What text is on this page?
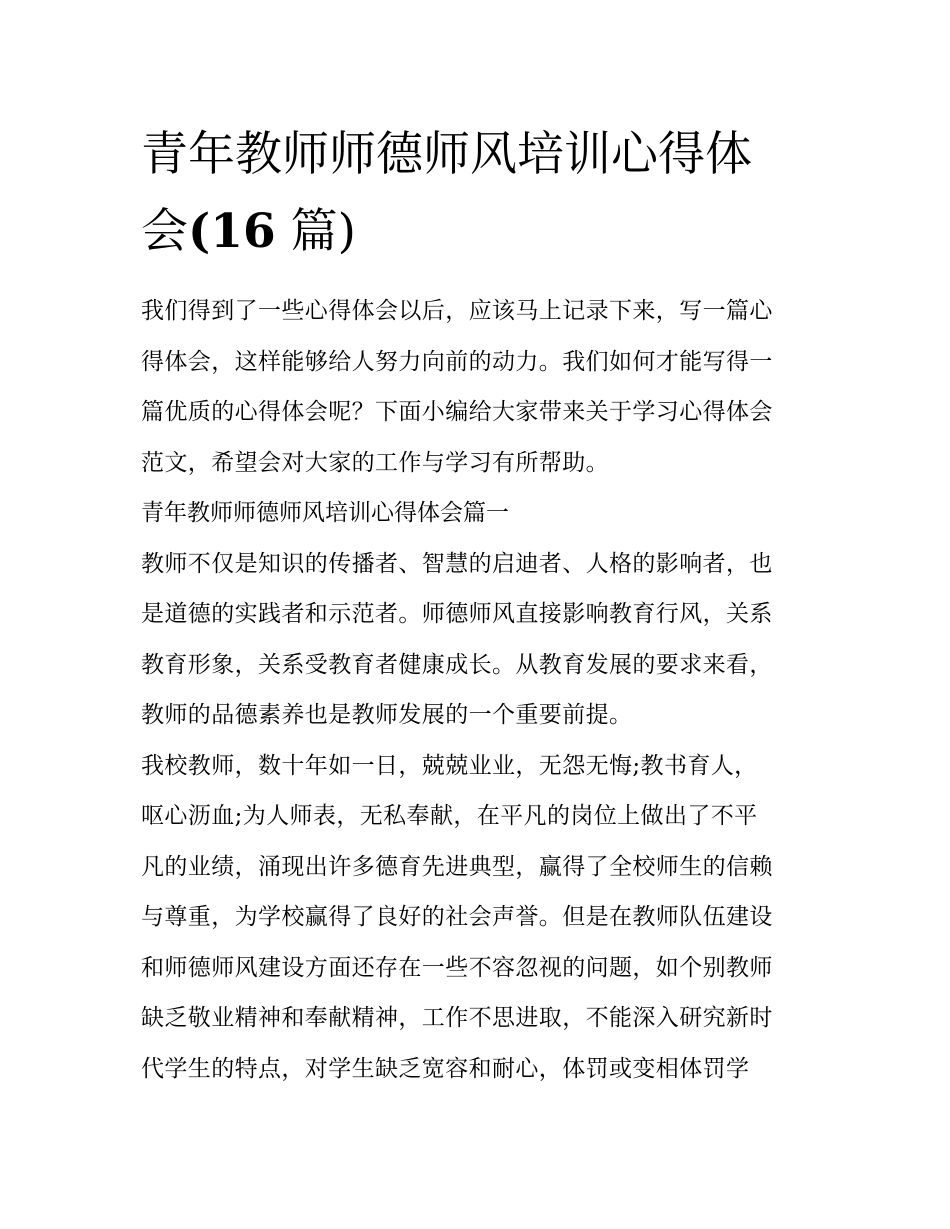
青年教师师德师风培训心得体
会(16 篇)

我们得到了一些心得体会以后，应该马上记录下来，写一篇心
得体会，这样能够给人努力向前的动力。我们如何才能写得一
篇优质的心得体会呢？下面小编给大家带来关于学习心得体会
范文，希望会对大家的工作与学习有所帮助。

青年教师师德师风培训心得体会篇一

教师不仅是知识的传播者、智慧的启迪者、人格的影响者，也
是道德的实践者和示范者。师德师风直接影响教育行风，关系
教育形象，关系受教育者健康成长。从教育发展的要求来看，
教师的品德素养也是教师发展的一个重要前提。

我校教师，数十年如一日，兢兢业业，无怨无悔;教书育人，
呕心沥血;为人师表，无私奉献，在平凡的岗位上做出了不平
凡的业绩，涌现出许多德育先进典型，赢得了全校师生的信赖
与尊重，为学校赢得了良好的社会声誉。但是在教师队伍建设
和师德师风建设方面还存在一些不容忽视的问题，如个别教师
缺乏敬业精神和奉献精神，工作不思进取，不能深入研究新时
代学生的特点，对学生缺乏宽容和耐心，体罚或变相体罚学
